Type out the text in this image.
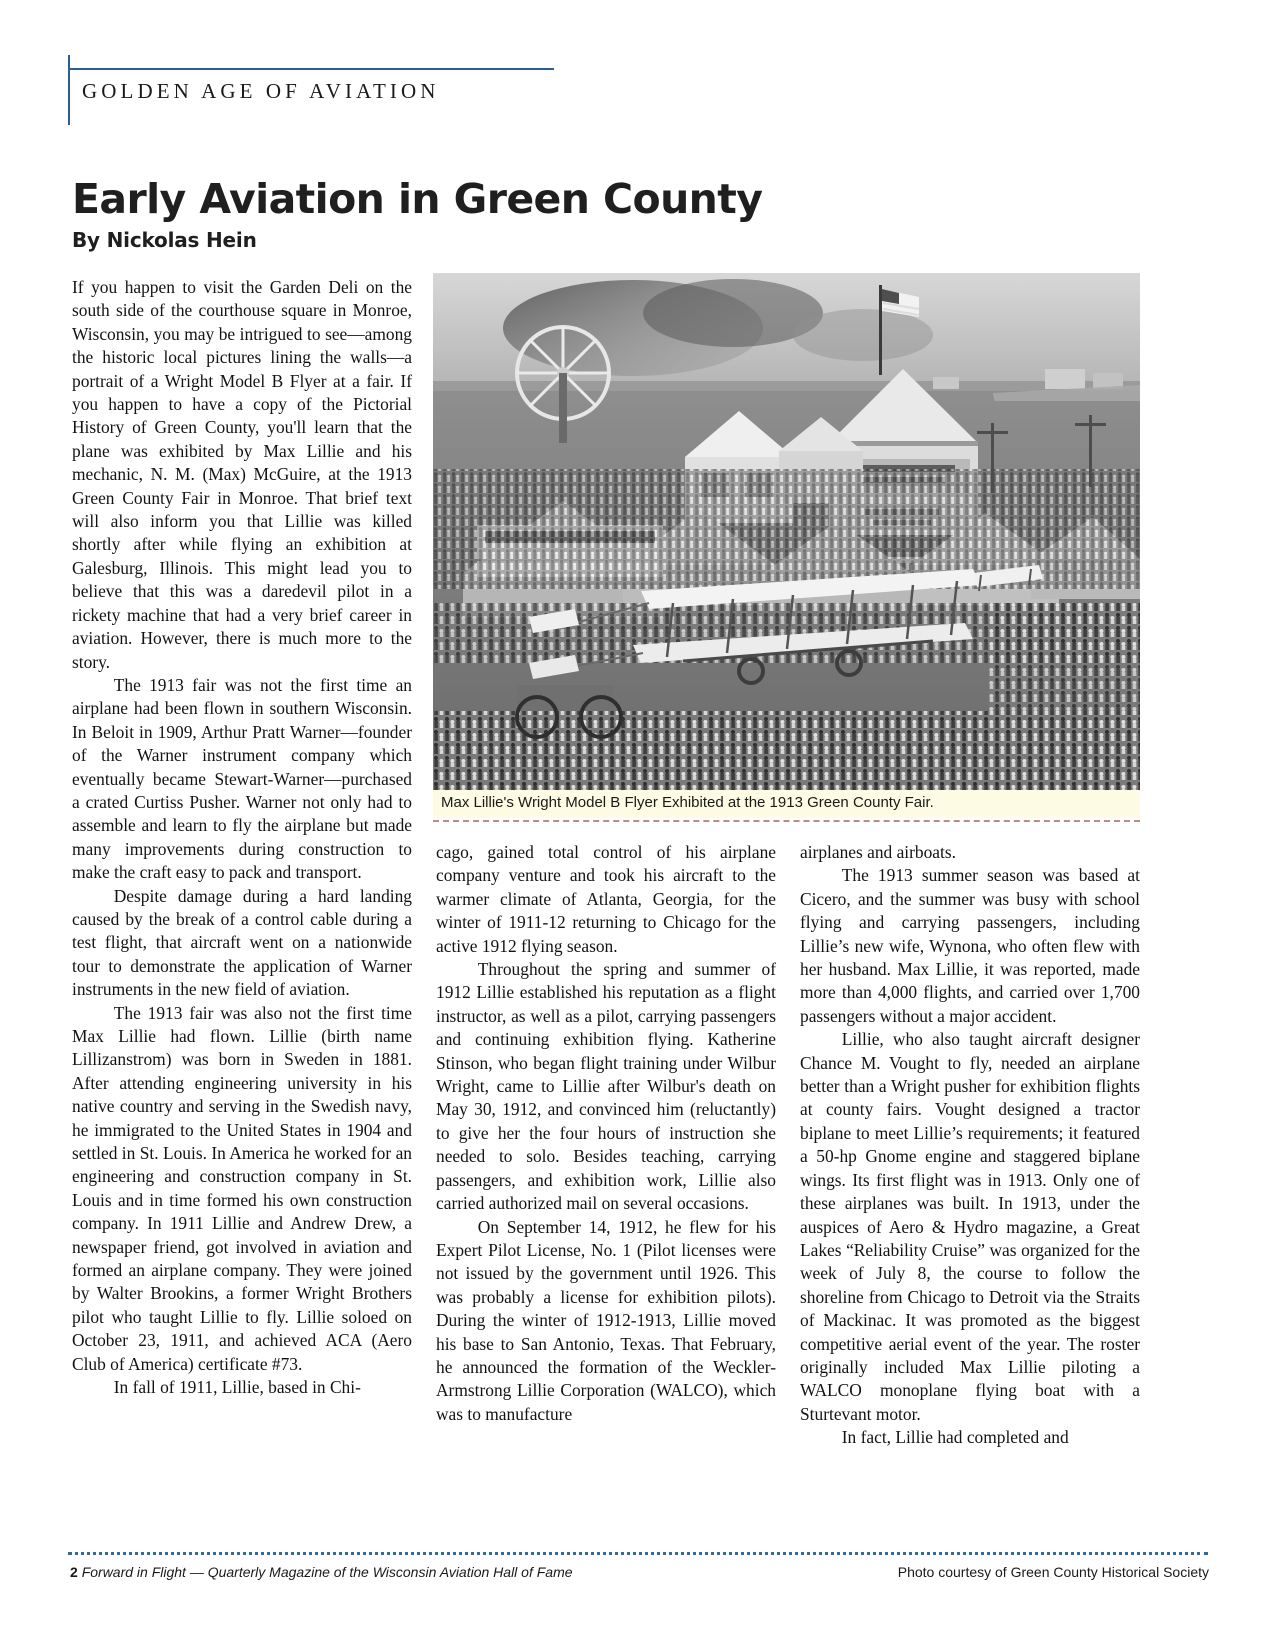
GOLDEN AGE OF AVIATION
Early Aviation in Green County
By Nickolas Hein
Max Lillie's Wright Model B Flyer Exhibited at the 1913 Green County Fair.

If you happen to visit the Garden Deli on the south side of the courthouse square in Monroe, Wisconsin, you may be intrigued to see—among the historic local pictures lining the walls—a portrait of a Wright Model B Flyer at a fair. If you happen to have a copy of the Pictorial History of Green County, you'll learn that the plane was exhibited by Max Lillie and his mechanic, N. M. (Max) McGuire, at the 1913 Green County Fair in Monroe. That brief text will also inform you that Lillie was killed shortly after while flying an exhibition at Galesburg, Illinois. This might lead you to believe that this was a daredevil pilot in a rickety machine that had a very brief career in aviation. However, there is much more to the story.

The 1913 fair was not the first time an airplane had been flown in southern Wisconsin. In Beloit in 1909, Arthur Pratt Warner—founder of the Warner instrument company which eventually became Stewart-Warner—purchased a crated Curtiss Pusher. Warner not only had to assemble and learn to fly the airplane but made many improvements during construction to make the craft easy to pack and transport.

Despite damage during a hard landing caused by the break of a control cable during a test flight, that aircraft went on a nationwide tour to demonstrate the application of Warner instruments in the new field of aviation.

The 1913 fair was also not the first time Max Lillie had flown. Lillie (birth name Lillizanstrom) was born in Sweden in 1881. After attending engineering university in his native country and serving in the Swedish navy, he immigrated to the United States in 1904 and settled in St. Louis. In America he worked for an engineering and construction company in St. Louis and in time formed his own construction company. In 1911 Lillie and Andrew Drew, a newspaper friend, got involved in aviation and formed an airplane company. They were joined by Walter Brookins, a former Wright Brothers pilot who taught Lillie to fly. Lillie soloed on October 23, 1911, and achieved ACA (Aero Club of America) certificate #73.

In fall of 1911, Lillie, based in Chi-

cago, gained total control of his airplane company venture and took his aircraft to the warmer climate of Atlanta, Georgia, for the winter of 1911-12 returning to Chicago for the active 1912 flying season.

Throughout the spring and summer of 1912 Lillie established his reputation as a flight instructor, as well as a pilot, carrying passengers and continuing exhibition flying. Katherine Stinson, who began flight training under Wilbur Wright, came to Lillie after Wilbur's death on May 30, 1912, and convinced him (reluctantly) to give her the four hours of instruction she needed to solo. Besides teaching, carrying passengers, and exhibition work, Lillie also carried authorized mail on several occasions.

On September 14, 1912, he flew for his Expert Pilot License, No. 1 (Pilot licenses were not issued by the government until 1926. This was probably a license for exhibition pilots). During the winter of 1912-1913, Lillie moved his base to San Antonio, Texas. That February, he announced the formation of the Weckler-Armstrong Lillie Corporation (WALCO), which was to manufacture

airplanes and airboats.

The 1913 summer season was based at Cicero, and the summer was busy with school flying and carrying passengers, including Lillie’s new wife, Wynona, who often flew with her husband. Max Lillie, it was reported, made more than 4,000 flights, and carried over 1,700 passengers without a major accident.

Lillie, who also taught aircraft designer Chance M. Vought to fly, needed an airplane better than a Wright pusher for exhibition flights at county fairs. Vought designed a tractor biplane to meet Lillie’s requirements; it featured a 50-hp Gnome engine and staggered biplane wings. Its first flight was in 1913. Only one of these airplanes was built. In 1913, under the auspices of Aero & Hydro magazine, a Great Lakes “Reliability Cruise” was organized for the week of July 8, the course to follow the shoreline from Chicago to Detroit via the Straits of Mackinac. It was promoted as the biggest competitive aerial event of the year. The roster originally included Max Lillie piloting a WALCO monoplane flying boat with a Sturtevant motor.

In fact, Lillie had completed and

2 Forward in Flight — Quarterly Magazine of the Wisconsin Aviation Hall of Fame	Photo courtesy of Green County Historical Society
